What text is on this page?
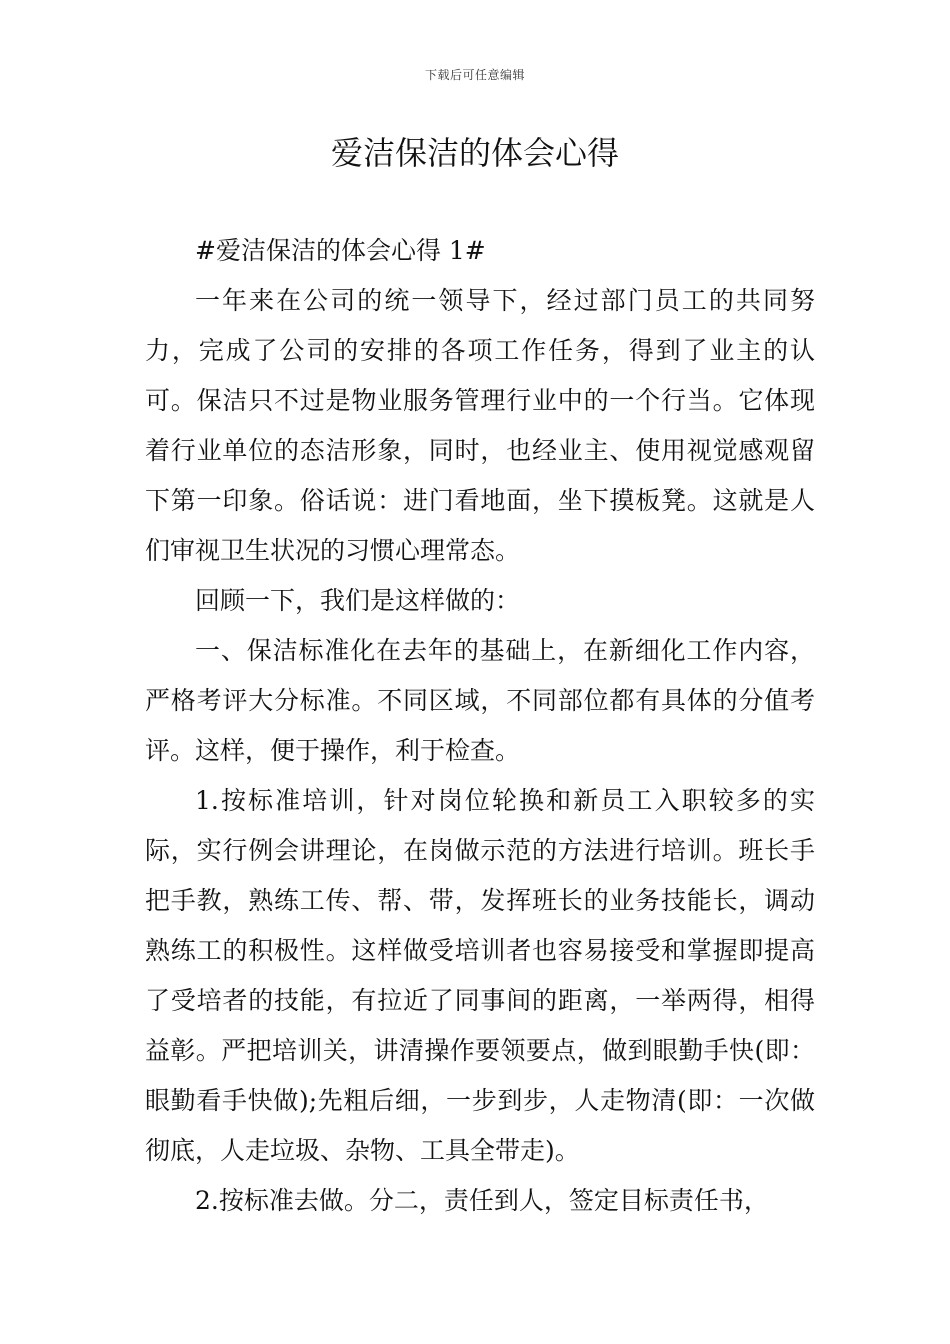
下载后可任意编辑
爱洁保洁的体会心得

#爱洁保洁的体会心得 1#

一年来在公司的统一领导下，经过部门员工的共同努力，完成了公司的安排的各项工作任务，得到了业主的认可。保洁只不过是物业服务管理行业中的一个行当。它体现着行业单位的态洁形象，同时，也经业主、使用视觉感观留下第一印象。俗话说：进门看地面，坐下摸板凳。这就是人们审视卫生状况的习惯心理常态。

回顾一下，我们是这样做的：

一、保洁标准化在去年的基础上，在新细化工作内容，严格考评大分标准。不同区域，不同部位都有具体的分值考评。这样，便于操作，利于检查。

1.按标准培训，针对岗位轮换和新员工入职较多的实际，实行例会讲理论，在岗做示范的方法进行培训。班长手把手教，熟练工传、帮、带，发挥班长的业务技能长，调动熟练工的积极性。这样做受培训者也容易接受和掌握即提高了受培者的技能，有拉近了同事间的距离，一举两得，相得益彰。严把培训关，讲清操作要领要点，做到眼勤手快(即：眼勤看手快做);先粗后细，一步到步，人走物清(即：一次做彻底，人走垃圾、杂物、工具全带走)。

2.按标准去做。分二，责任到人，签定目标责任书，
